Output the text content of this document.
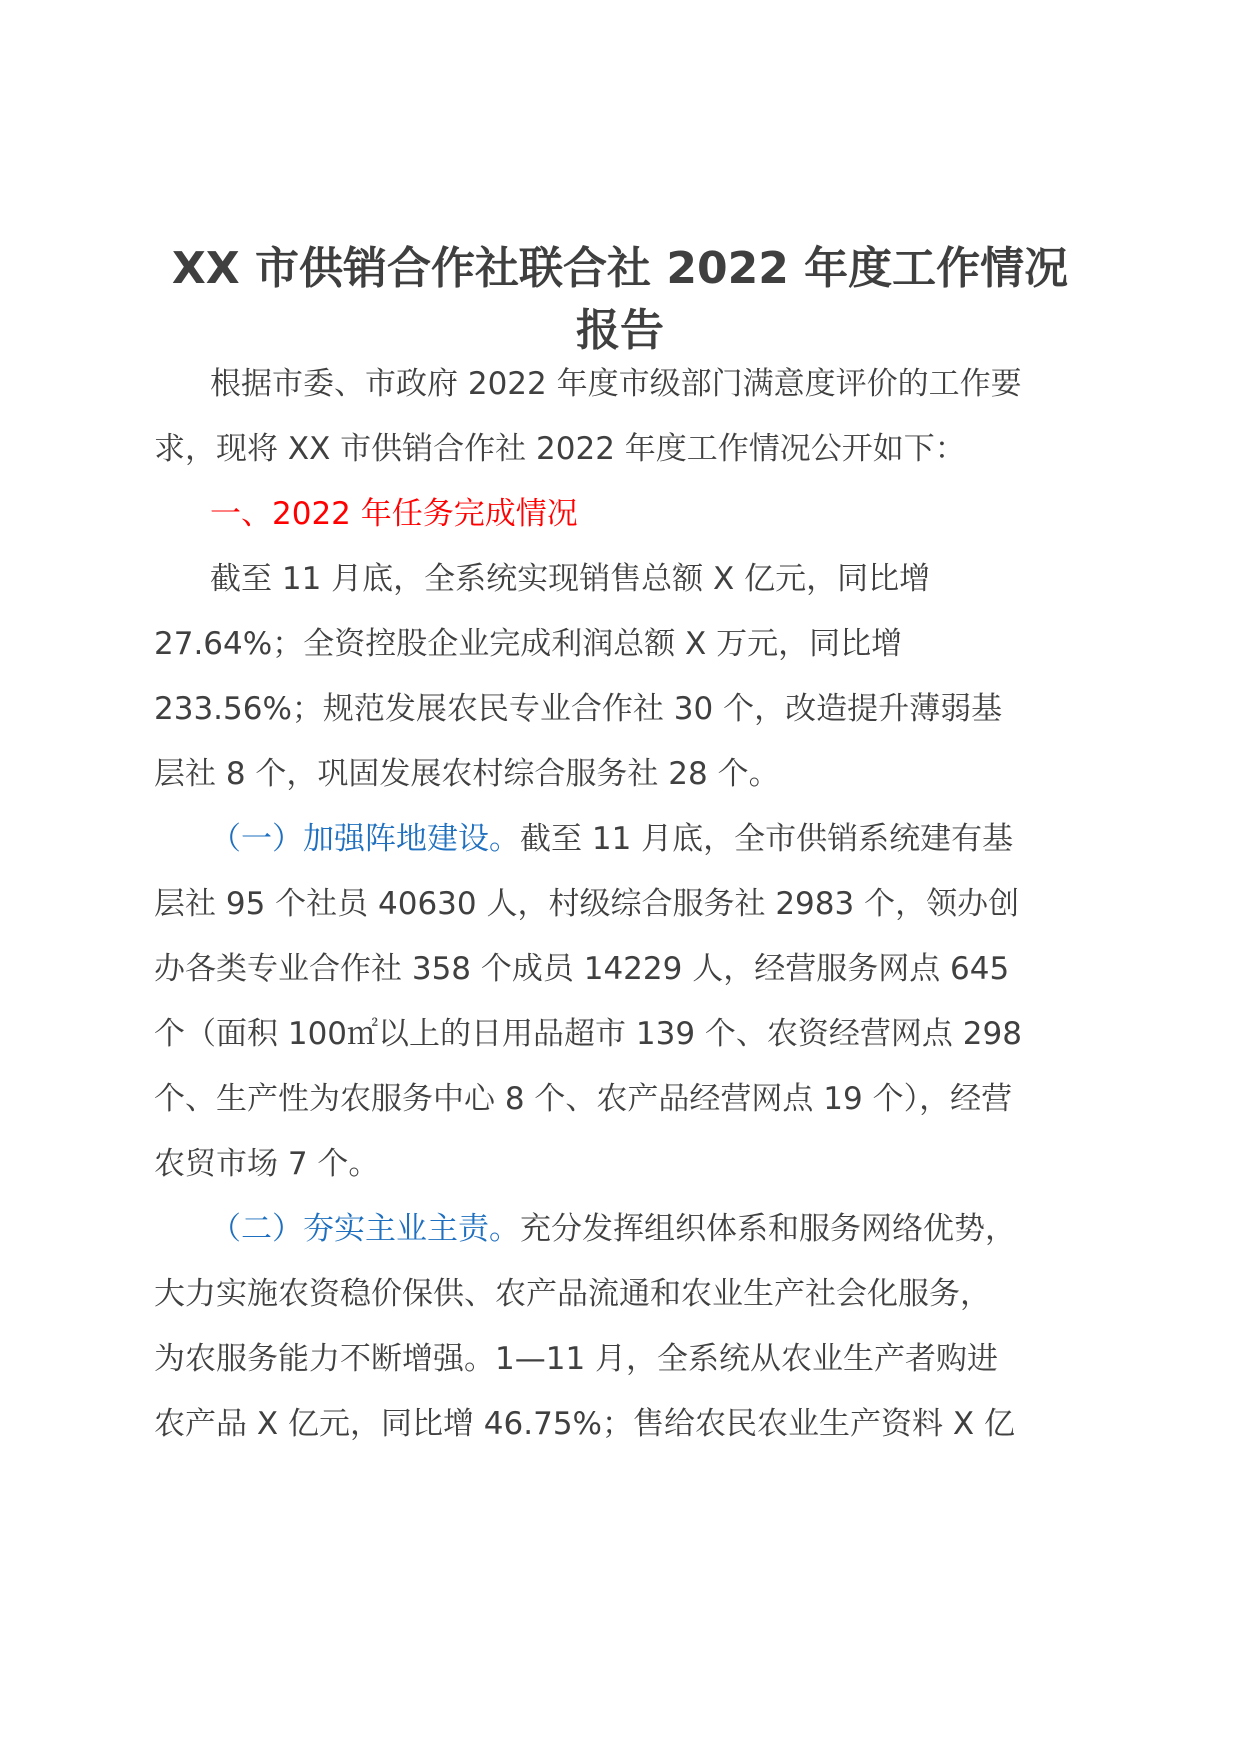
XX 市供销合作社联合社 2022 年度工作情况
报告
根据市委、市政府 2022 年度市级部门满意度评价的工作要
求，现将 XX 市供销合作社 2022 年度工作情况公开如下：
一、2022 年任务完成情况
截至 11 月底，全系统实现销售总额 X 亿元，同比增
27.64%；全资控股企业完成利润总额 X 万元，同比增
233.56%；规范发展农民专业合作社 30 个，改造提升薄弱基
层社 8 个，巩固发展农村综合服务社 28 个。
（一）加强阵地建设。截至 11 月底，全市供销系统建有基
层社 95 个社员 40630 人，村级综合服务社 2983 个，领办创
办各类专业合作社 358 个成员 14229 人，经营服务网点 645
个（面积 100㎡以上的日用品超市 139 个、农资经营网点 298
个、生产性为农服务中心 8 个、农产品经营网点 19 个），经营
农贸市场 7 个。
（二）夯实主业主责。充分发挥组织体系和服务网络优势，
大力实施农资稳价保供、农产品流通和农业生产社会化服务，
为农服务能力不断增强。1—11 月，全系统从农业生产者购进
农产品 X 亿元，同比增 46.75%；售给农民农业生产资料 X 亿
